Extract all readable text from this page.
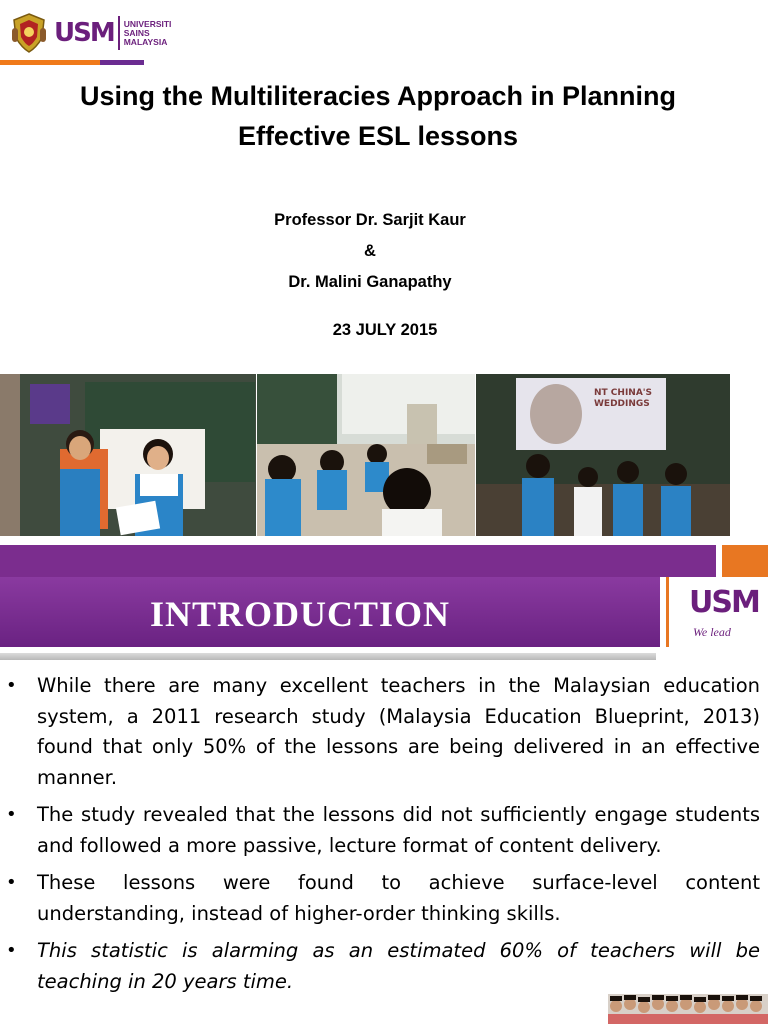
USM UNIVERSITI
SAINS
MALAYSIA
Using the Multiliteracies Approach in Planning
Effective ESL lessons
Professor Dr. Sarjit Kaur
&
Dr. Malini Ganapathy
23 JULY 2015
NT CHINA'S
WEDDINGS
INTRODUCTION	USM
We lead
• While there are many excellent teachers in the Malaysian education system, a 2011 research study (Malaysia Education Blueprint, 2013) found that only 50% of the lessons are being delivered in an effective manner.
• The study revealed that the lessons did not sufficiently engage students and followed a more passive, lecture format of content delivery.
• These lessons were found to achieve surface-level content understanding, instead of higher-order thinking skills.
• This statistic is alarming as an estimated 60% of teachers will be teaching in 20 years time.
